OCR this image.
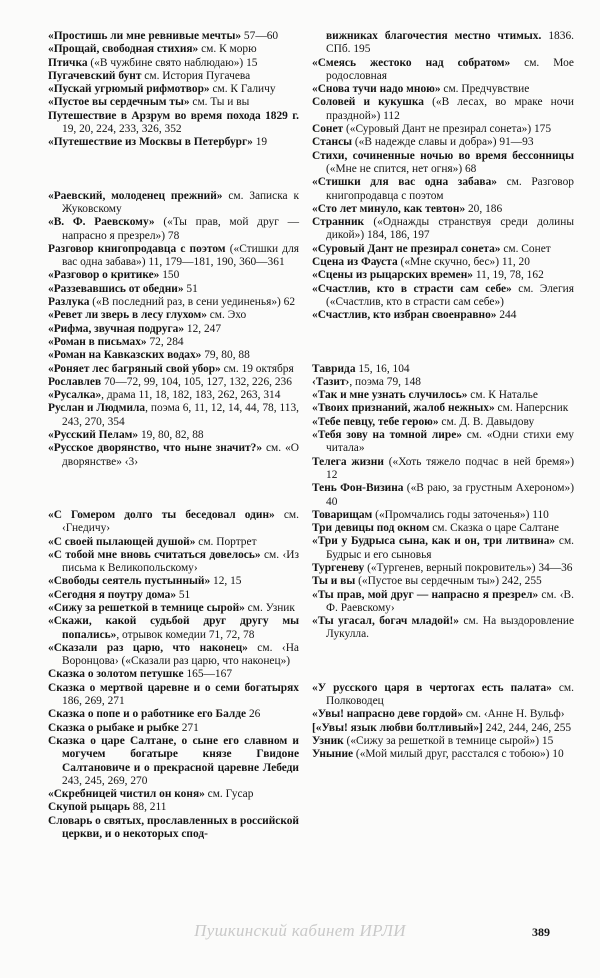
«Простишь ли мне ревнивые мечты» 57—60

«Прощай, свободная стихия» см. К морю

Птичка («В чужбине свято наблюдаю») 15

Пугачевский бунт см. История Пугачева

«Пускай угрюмый рифмотвор» см. К Галичу

«Пустое вы сердечным ты» см. Ты и вы

Путешествие в Арзрум во время похода 1829 г. 19, 20, 224, 233, 326, 352

«Путешествие из Москвы в Петербург» 19

«Раевский, молоденец прежний» см. Записка к Жуковскому

«В. Ф. Раевскому» («Ты прав, мой друг — напрасно я презрел») 78

Разговор книгопродавца с поэтом («Стишки для вас одна забава») 11, 179—181, 190, 360—361

«Разговор о критике» 150

«Раззевавшись от обедни» 51

Разлука («В последний раз, в сени уединенья») 62

«Ревет ли зверь в лесу глухом» см. Эхо

«Рифма, звучная подруга» 12, 247

«Роман в письмах» 72, 284

«Роман на Кавказских водах» 79, 80, 88

«Роняет лес багряный свой убор» см. 19 октября

Рославлев 70—72, 99, 104, 105, 127, 132, 226, 236

«Русалка», драма 11, 18, 182, 183, 262, 263, 314

Руслан и Людмила, поэма 6, 11, 12, 14, 44, 78, 113, 243, 270, 354

«Русский Пелам» 19, 80, 82, 88

«Русское дворянство, что ныне значит?» см. «О дворянстве» ‹3›

«С Гомером долго ты беседовал один» см. ‹Гнедичу›

«С своей пылающей душой» см. Портрет

«С тобой мне вновь считаться довелось» см. ‹Из письма к Великопольскому›

«Свободы сеятель пустынный» 12, 15

«Сегодня я поутру дома» 51

«Сижу за решеткой в темнице сырой» см. Узник

«Скажи, какой судьбой друг другу мы попались», отрывок комедии 71, 72, 78

«Сказали раз царю, что наконец» см. ‹На Воронцова› («Сказали раз царю, что наконец»)

Сказка о золотом петушке 165—167

Сказка о мертвой царевне и о семи богатырях 186, 269, 271

Сказка о попе и о работнике его Балде 26

Сказка о рыбаке и рыбке 271

Сказка о царе Салтане, о сыне его славном и могучем богатыре князе Гвидоне Салтановиче и о прекрасной царевне Лебеди 243, 245, 269, 270

«Скребницей чистил он коня» см. Гусар

Скупой рыцарь 88, 211

Словарь о святых, прославленных в российской церкви, и о некоторых спод-

вижниках благочестия местно чтимых. 1836. СПб. 195

«Смеясь жестоко над собратом» см. Мое родословная

«Снова тучи надо мною» см. Предчувствие

Соловей и кукушка («В лесах, во мраке ночи праздной») 112

Сонет («Суровый Дант не презирал сонета») 175

Стансы («В надежде славы и добра») 91—93

Стихи, сочиненные ночью во время бессонницы («Мне не спится, нет огня») 68

«Стишки для вас одна забава» см. Разговор книгопродавца с поэтом

«Сто лет минуло, как тевтон» 20, 186

Странник («Однажды странствуя среди долины дикой») 184, 186, 197

«Суровый Дант не презирал сонета» см. Сонет

Сцена из Фауста («Мне скучно, бес») 11, 20

«Сцены из рыцарских времен» 11, 19, 78, 162

«Счастлив, кто в страсти сам себе» см. Элегия («Счастлив, кто в страсти сам себе»)

«Счастлив, кто избран своенравно» 244

Таврида 15, 16, 104

‹Тазит›, поэма 79, 148

«Так и мне узнать случилось» см. К Наталье

«Твоих признаний, жалоб нежных» см. Наперсник

«Тебе певцу, тебе герою» см. Д. В. Давыдову

«Тебя зову на томной лире» см. «Одни стихи ему читала»

Телега жизни («Хоть тяжело подчас в ней бремя») 12

Тень Фон-Визина («В раю, за грустным Ахероном») 40

Товарищам («Промчались годы заточенья») 110

Три девицы под окном см. Сказка о царе Салтане

«Три у Будрыса сына, как и он, три литвина» см. Будрыс и его сыновья

Тургеневу («Тургенев, верный покровитель») 34—36

Ты и вы («Пустое вы сердечным ты») 242, 255

«Ты прав, мой друг — напрасно я презрел» см. ‹В. Ф. Раевскому›

«Ты угасал, богач младой!» см. На выздоровление Лукулла.

«У русского царя в чертогах есть палата» см. Полководец

«Увы! напрасно деве гордой» см. ‹Анне Н. Вульф›

[«Увы! язык любви болтливый»] 242, 244, 246, 255

Узник («Сижу за решеткой в темнице сырой») 15

Уныние («Мой милый друг, расстался с тобою») 10

Пушкинский кабинет ИРЛИ	389
